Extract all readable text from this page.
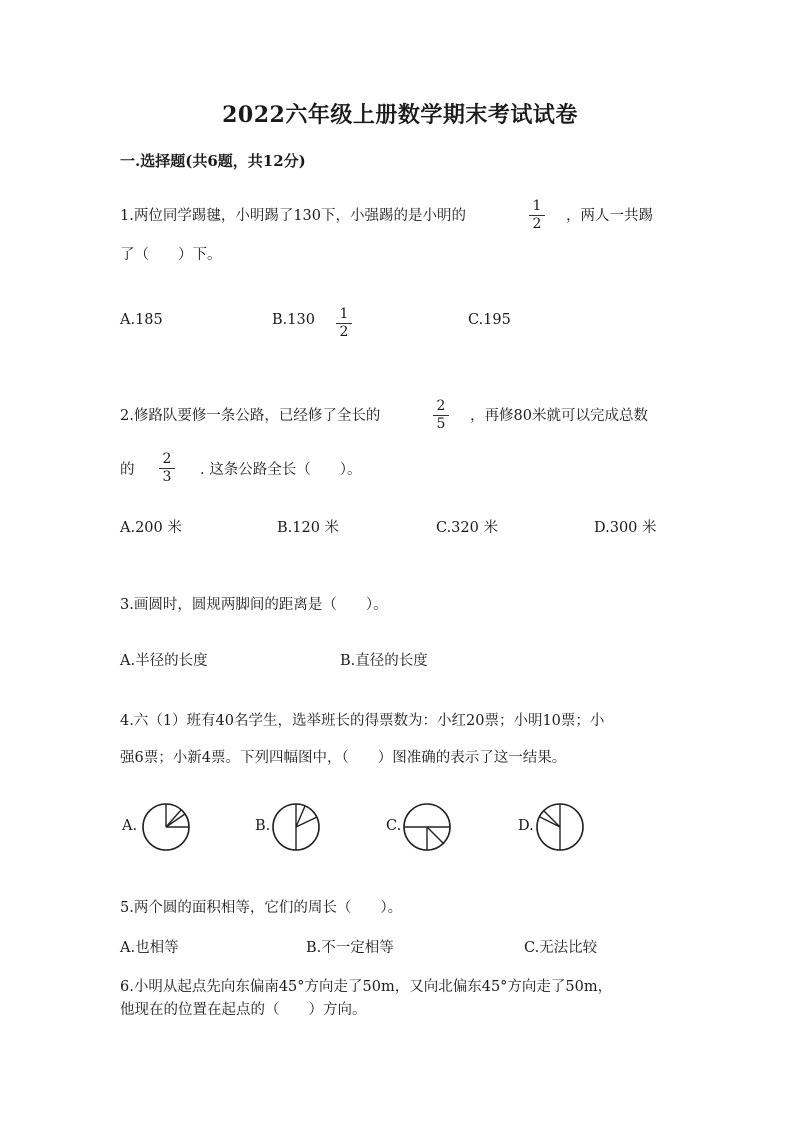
2022六年级上册数学期末考试试卷
一.选择题(共6题，共12分)
1.两位同学踢毽，小明踢了130下，小强踢的是小明的
1
2	，两人一共踢
了（　　）下。
A.185	B.130	1
2
C.195
2.修路队要修一条公路，已经修了全长的
2
5	，再修80米就可以完成总数
的
2
3	. 这条公路全长（　　）。
A.200 米	B.120 米	C.320 米	D.300 米
3.画圆时，圆规两脚间的距离是（　　）。
A.半径的长度	B.直径的长度
4.六（1）班有40名学生，选举班长的得票数为：小红20票；小明10票；小
强6票；小新4票。下列四幅图中，（　　）图准确的表示了这一结果。
A.	B.	C.	D.
5.两个圆的面积相等，它们的周长（　　）。
A.也相等	B.不一定相等	C.无法比较
6.小明从起点先向东偏南45°方向走了50m，又向北偏东45°方向走了50m，
他现在的位置在起点的（　　）方向。
